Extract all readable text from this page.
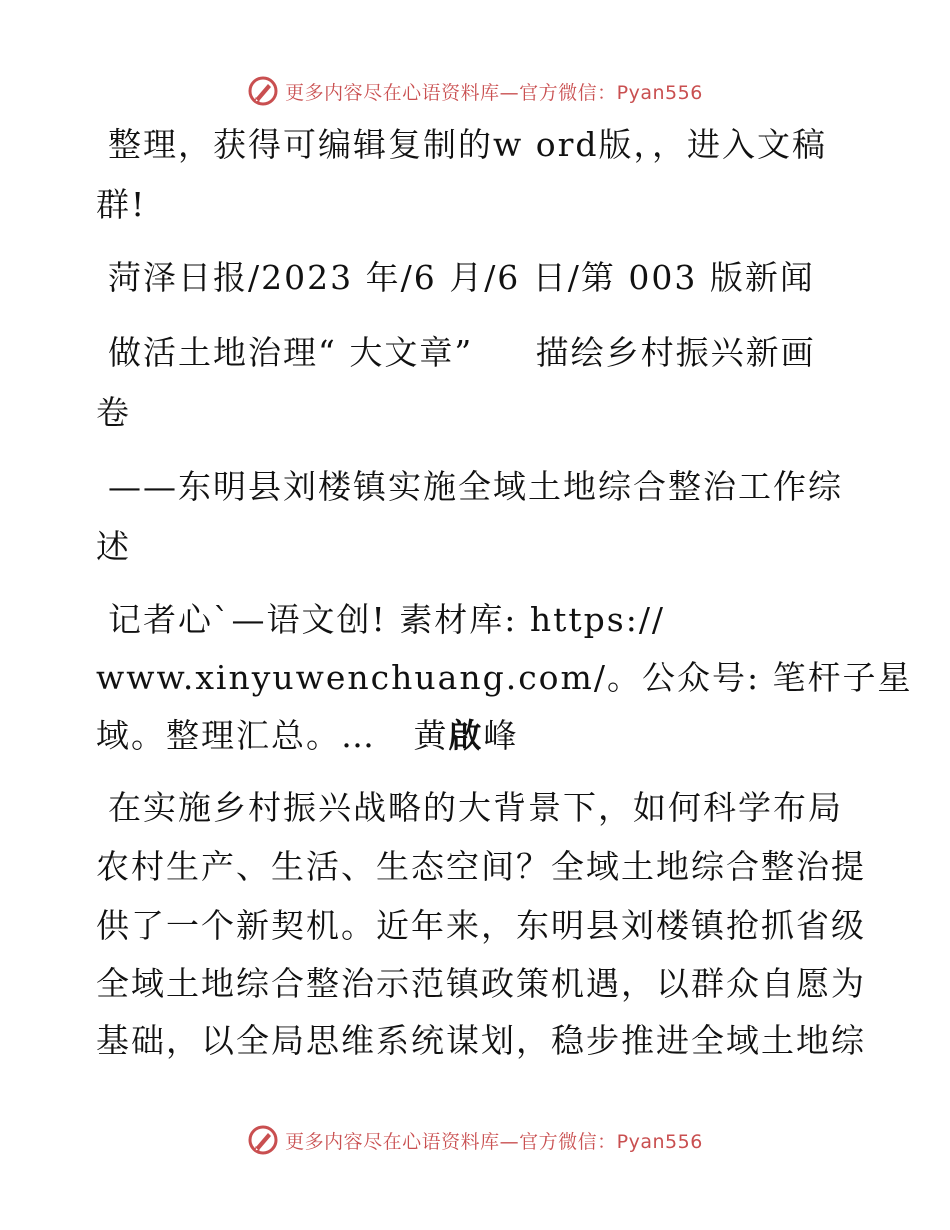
更多内容尽在心语资料库—官方微信：Pyan556
整理，获得可编辑复制的w ord版，，进入文稿
群!
菏泽日报/2023 年/6 月/6 日/第 003 版新闻
做活土地治理“ 大文章”     描绘乡村振兴新画
卷
——东明县刘楼镇实施全域土地综合整治工作综
述
记者心`—语文创! 素材库: https://
www.xinyuwenchuang.com/。公众号: 笔杆子星
域。整理汇总。…   黄啟峰
在实施乡村振兴战略的大背景下，如何科学布局
农村生产、生活、生态空间？全域土地综合整治提
供了一个新契机。近年来，东明县刘楼镇抢抓省级
全域土地综合整治示范镇政策机遇，以群众自愿为
基础，以全局思维系统谋划，稳步推进全域土地综
更多内容尽在心语资料库—官方微信：Pyan556
